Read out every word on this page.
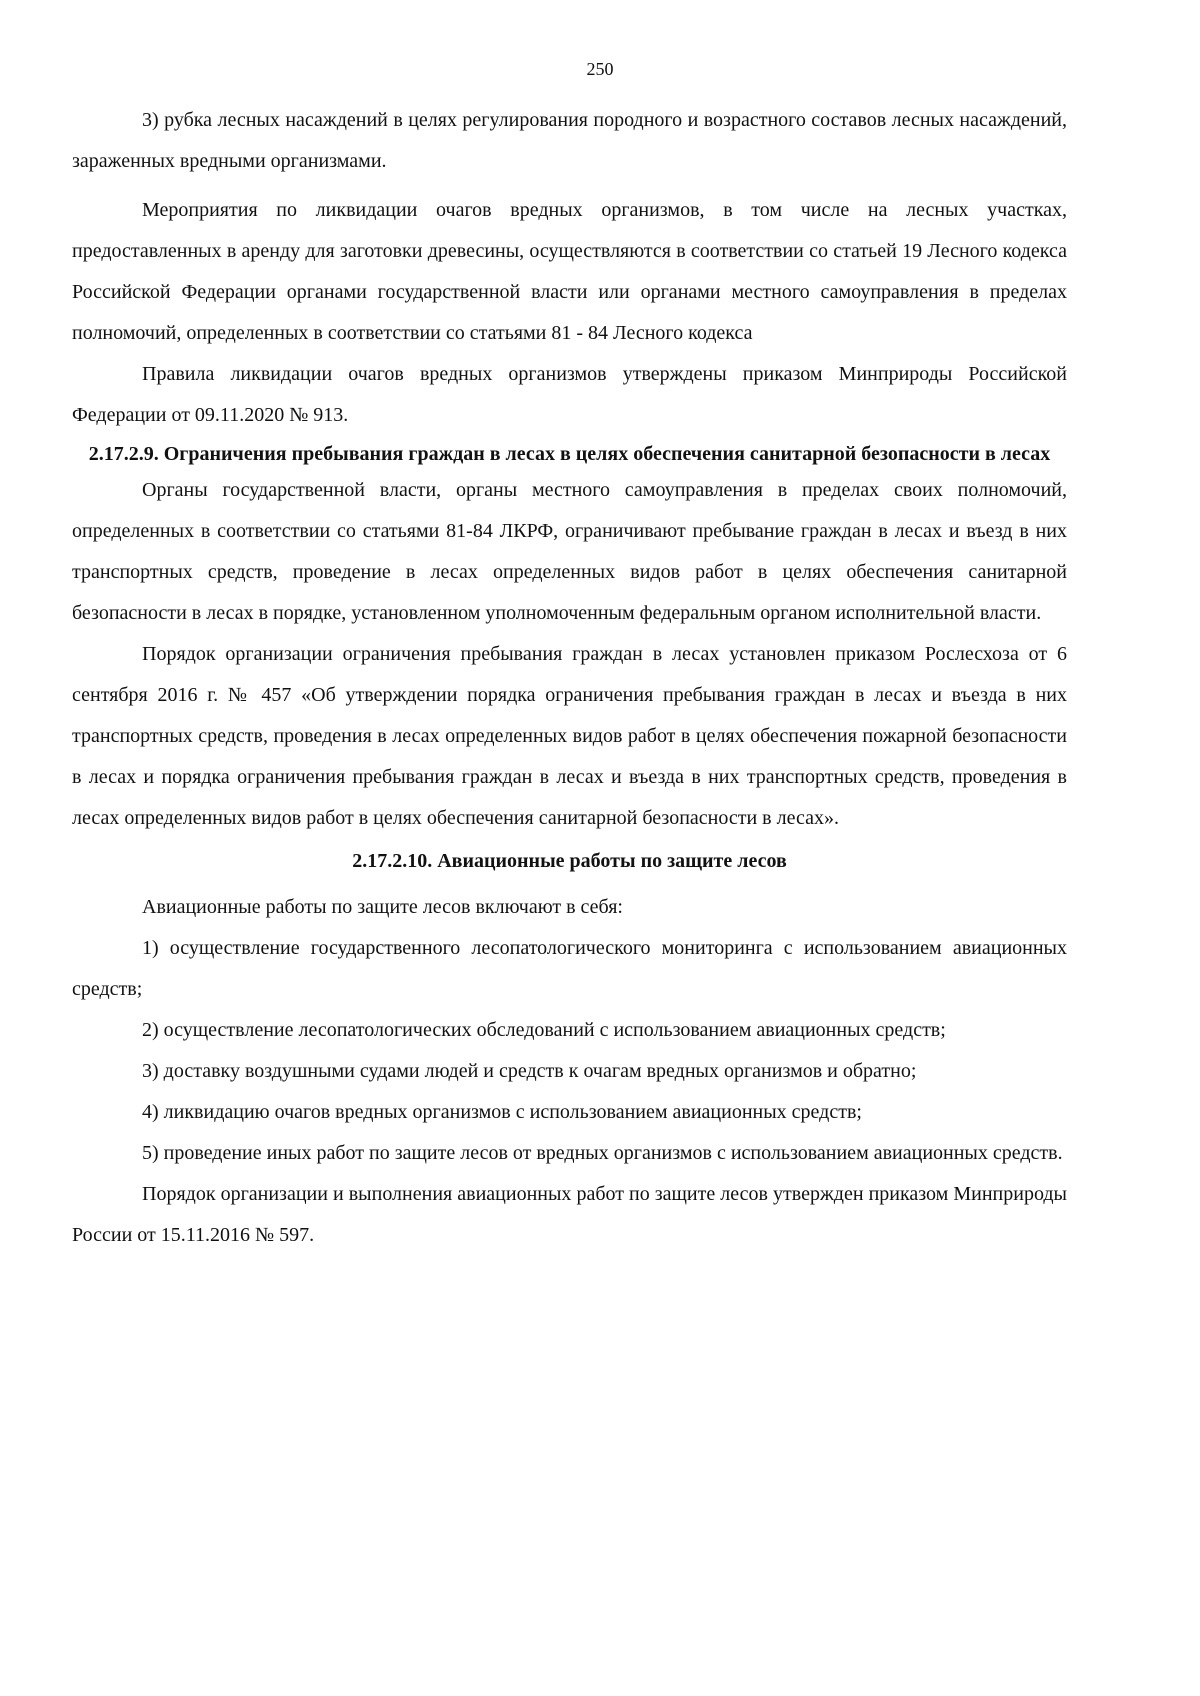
250

3) рубка лесных насаждений в целях регулирования породного и возрастного составов лесных насаждений, зараженных вредными организмами.

Мероприятия по ликвидации очагов вредных организмов, в том числе на лесных участках, предоставленных в аренду для заготовки древесины, осуществляются в соответствии со статьей 19 Лесного кодекса Российской Федерации органами государственной власти или органами местного самоуправления в пределах полномочий, определенных в соответствии со статьями 81 - 84 Лесного кодекса

Правила ликвидации очагов вредных организмов утверждены приказом Минприроды Российской Федерации от 09.11.2020 № 913.

2.17.2.9. Ограничения пребывания граждан в лесах в целях обеспечения санитарной безопасности в лесах

Органы государственной власти, органы местного самоуправления в пределах своих полномочий, определенных в соответствии со статьями 81-84 ЛКРФ, ограничивают пребывание граждан в лесах и въезд в них транспортных средств, проведение в лесах определенных видов работ в целях обеспечения санитарной безопасности в лесах в порядке, установленном уполномоченным федеральным органом исполнительной власти.

Порядок организации ограничения пребывания граждан в лесах установлен приказом Рослесхоза от 6 сентября 2016 г. № 457 «Об утверждении порядка ограничения пребывания граждан в лесах и въезда в них транспортных средств, проведения в лесах определенных видов работ в целях обеспечения пожарной безопасности в лесах и порядка ограничения пребывания граждан в лесах и въезда в них транспортных средств, проведения в лесах определенных видов работ в целях обеспечения санитарной безопасности в лесах».

2.17.2.10. Авиационные работы по защите лесов

Авиационные работы по защите лесов включают в себя:

1) осуществление государственного лесопатологического мониторинга с использованием авиационных средств;

2) осуществление лесопатологических обследований с использованием авиационных средств;

3) доставку воздушными судами людей и средств к очагам вредных организмов и обратно;

4) ликвидацию очагов вредных организмов с использованием авиационных средств;

5) проведение иных работ по защите лесов от вредных организмов с использованием авиационных средств.

Порядок организации и выполнения авиационных работ по защите лесов утвержден приказом Минприроды России от 15.11.2016 № 597.
